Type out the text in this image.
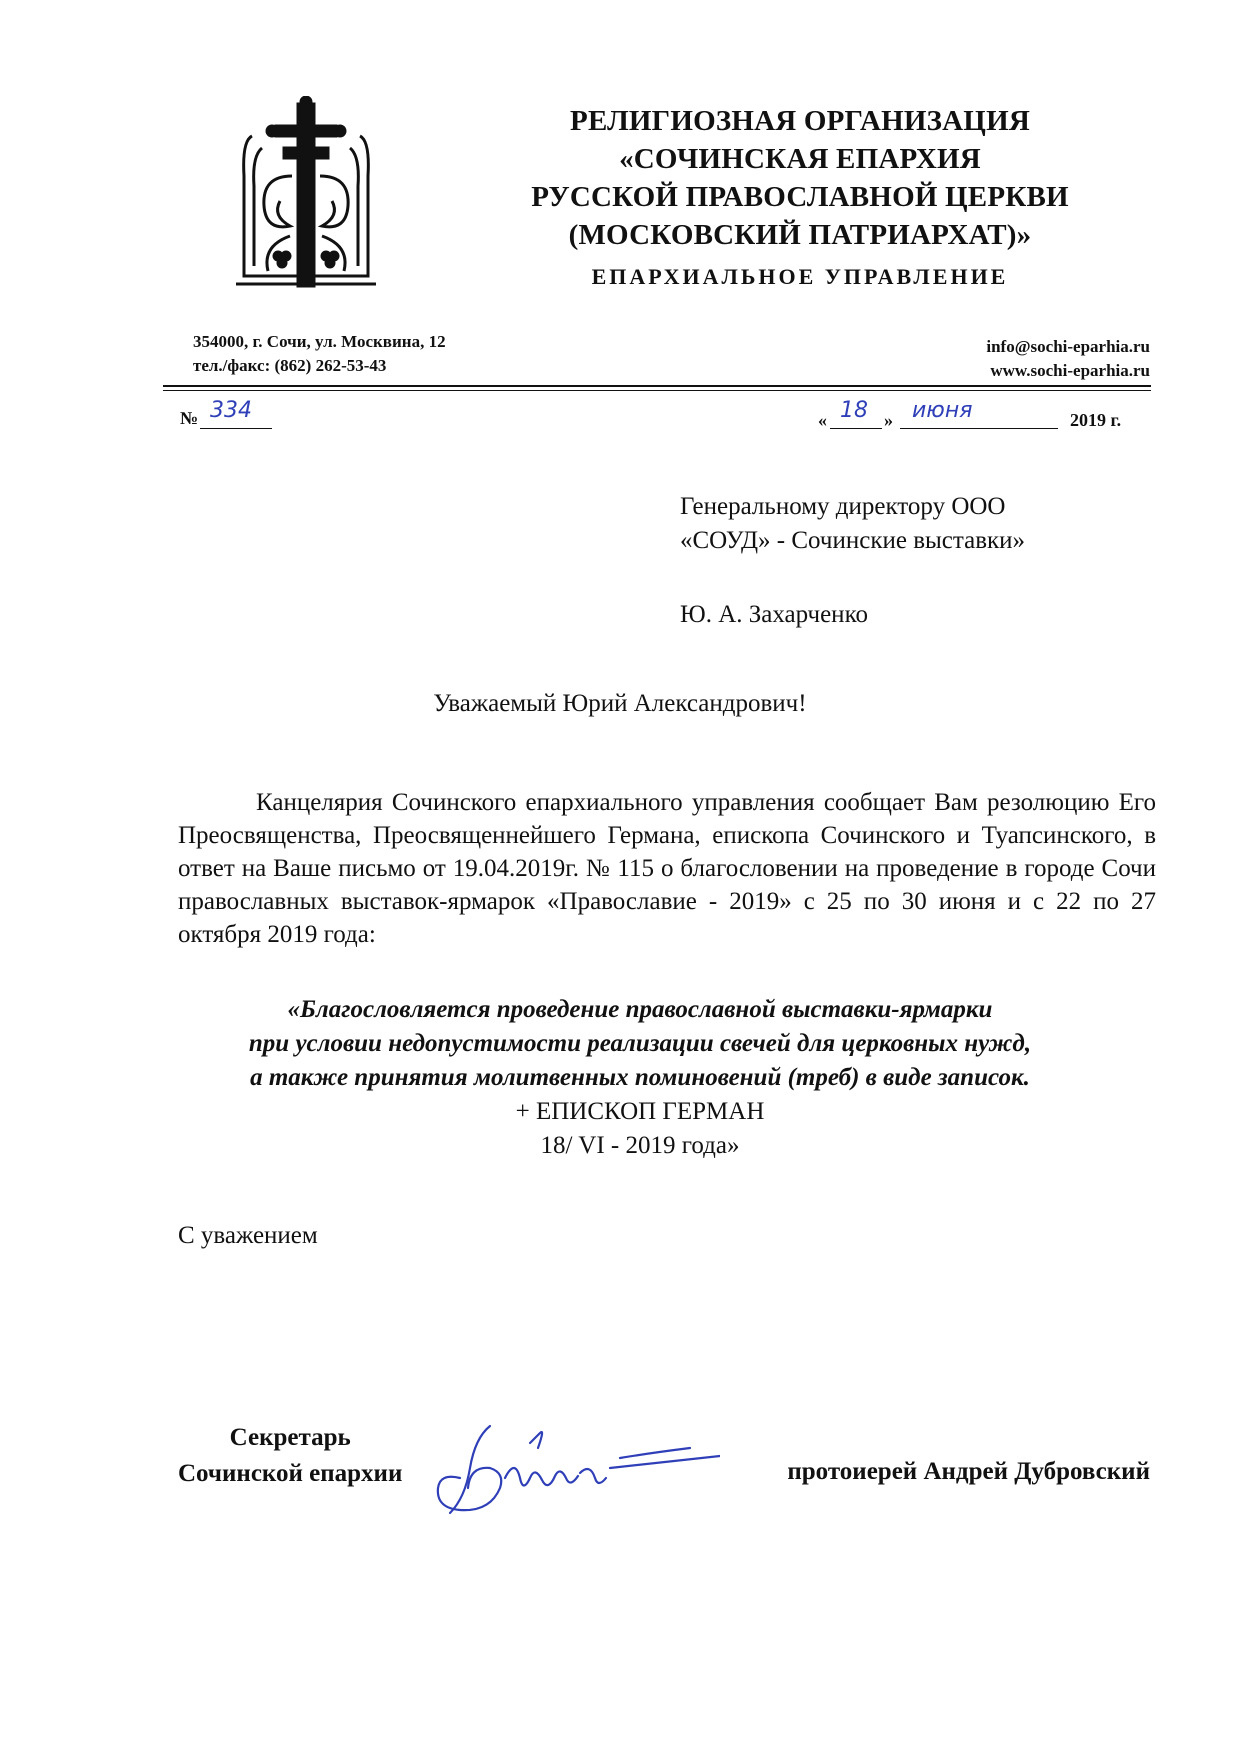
РЕЛИГИОЗНАЯ ОРГАНИЗАЦИЯ
«СОЧИНСКАЯ ЕПАРХИЯ
РУССКОЙ ПРАВОСЛАВНОЙ ЦЕРКВИ
(МОСКОВСКИЙ ПАТРИАРХАТ)»
ЕПАРХИАЛЬНОЕ УПРАВЛЕНИЕ
354000, г. Сочи, ул. Москвина, 12
тел./факс: (862) 262-53-43
info@sochi-eparhia.ru
www.sochi-eparhia.ru
№ 334	« 18 » июня	2019 г.
Генеральному директору ООО
«СОУД» - Сочинские выставки»
Ю. А. Захарченко
Уважаемый Юрий Александрович!

Канцелярия Сочинского епархиального управления сообщает Вам резолюцию Его Преосвященства, Преосвященнейшего Германа, епископа Сочинского и Туапсинского, в ответ на Ваше письмо от 19.04.2019г. № 115 о благословении на проведение в городе Сочи православных выставок-ярмарок «Православие - 2019» с 25 по 30 июня и с 22 по 27 октября 2019 года:

«Благословляется проведение православной выставки-ярмарки
при условии недопустимости реализации свечей для церковных нужд,
а также принятия молитвенных поминовений (треб) в виде записок.
+ ЕПИСКОП ГЕРМАН
18/ VI - 2019 года»
С уважением
Секретарь
Сочинской епархии	протоиерей Андрей Дубровский
